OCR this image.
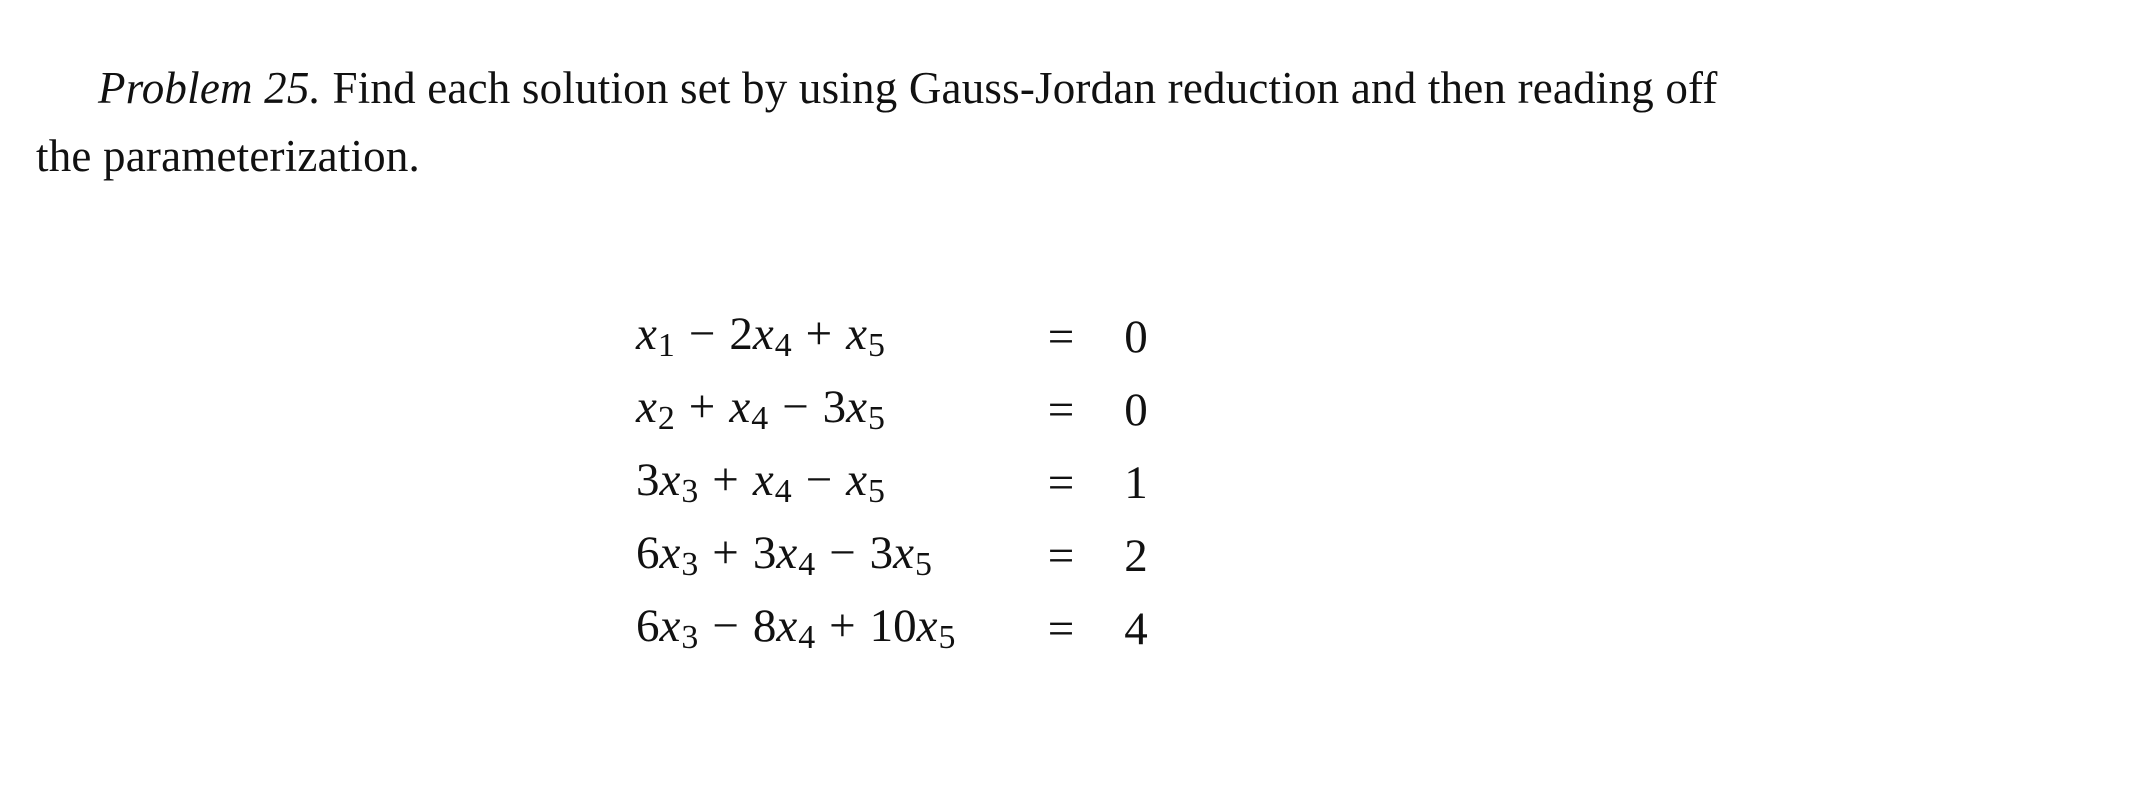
Problem 25. Find each solution set by using Gauss-Jordan reduction and then reading off the parameterization.
x1 − 2x4 + x5	=	0
x2 + x4 − 3x5	=	0
3x3 + x4 − x5	=	1
6x3 + 3x4 − 3x5	=	2
6x3 − 8x4 + 10x5	=	4
